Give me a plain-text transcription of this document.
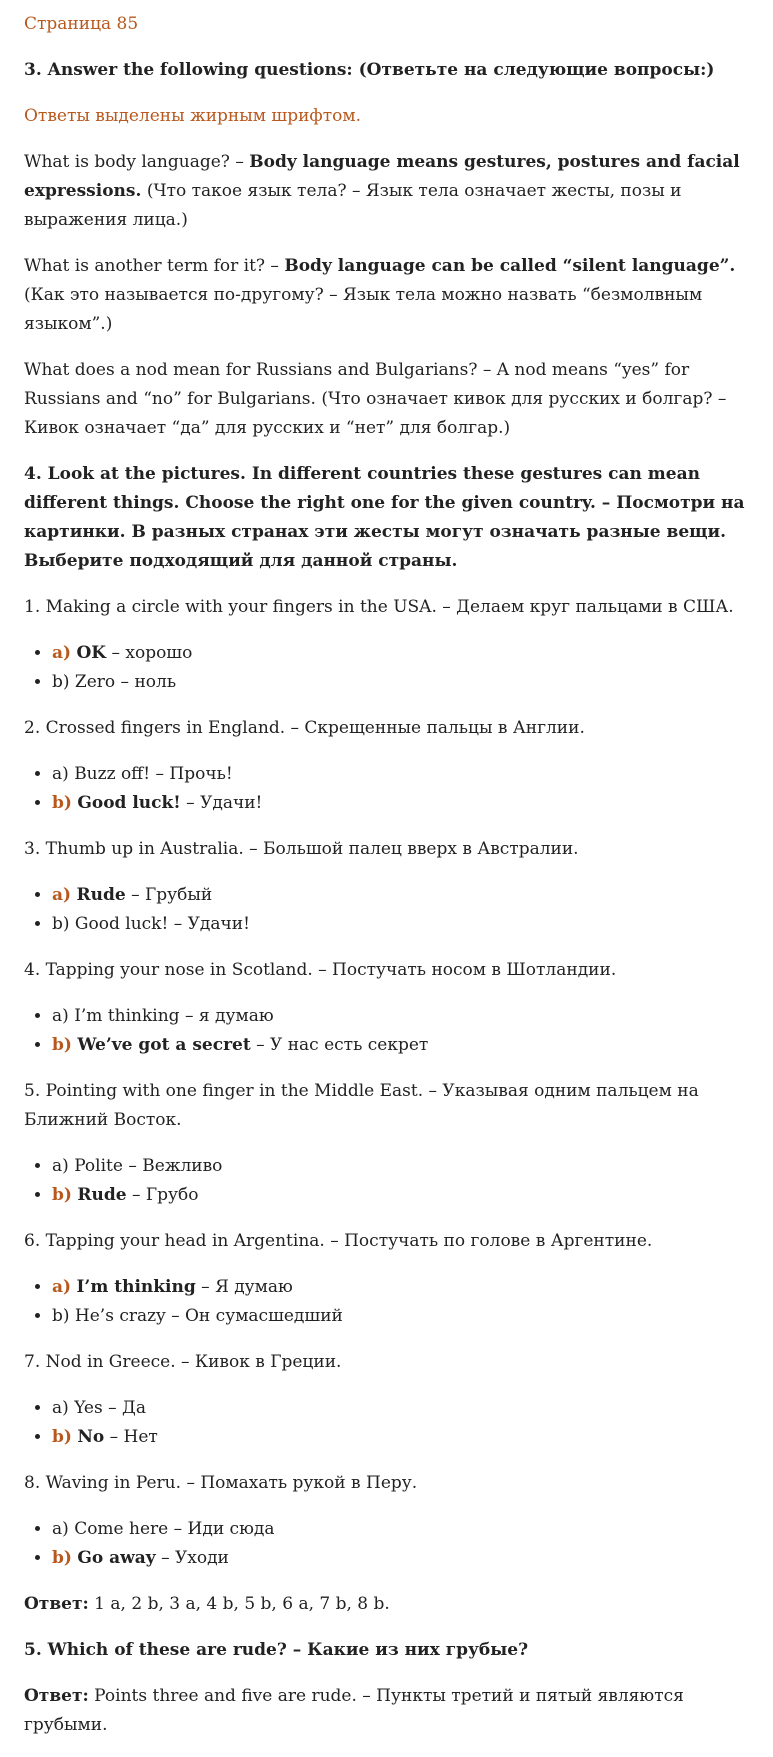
Страница 85

3. Answer the following questions: (Ответьте на следующие вопросы:)

Ответы выделены жирным шрифтом.

What is body language? – Body language means gestures, postures and facial expressions. (Что такое язык тела? – Язык тела означает жесты, позы и выражения лица.)

What is another term for it? – Body language can be called “silent language”. (Как это называется по-другому? – Язык тела можно назвать “безмолвным языком”.)

What does a nod mean for Russians and Bulgarians? – A nod means “yes” for Russians and “no” for Bulgarians. (Что означает кивок для русских и болгар? – Кивок означает “да” для русских и “нет” для болгар.)

4. Look at the pictures. In different countries these gestures can mean different things. Choose the right one for the given country. – Посмотри на картинки. В разных странах эти жесты могут означать разные вещи. Выберите подходящий для данной страны.

1. Making a circle with your fingers in the USA. – Делаем круг пальцами в США.

• a) OK – хорошо
• b) Zero – ноль

2. Crossed fingers in England. – Скрещенные пальцы в Англии.

• a) Buzz off! – Прочь!
• b) Good luck! – Удачи!

3. Thumb up in Australia. – Большой палец вверх в Австралии.

• a) Rude – Грубый
• b) Good luck! – Удачи!

4. Tapping your nose in Scotland. – Постучать носом в Шотландии.

• a) I’m thinking – я думаю
• b) We’ve got a secret – У нас есть секрет

5. Pointing with one finger in the Middle East. – Указывая одним пальцем на Ближний Восток.

• a) Polite – Вежливо
• b) Rude – Грубо

6. Tapping your head in Argentina. – Постучать по голове в Аргентине.

• a) I’m thinking – Я думаю
• b) He’s crazy – Он сумасшедший

7. Nod in Greece. – Кивок в Греции.

• a) Yes – Да
• b) No – Нет

8. Waving in Peru. – Помахать рукой в Перу.

• a) Come here – Иди сюда
• b) Go away – Уходи

Ответ: 1 a, 2 b, 3 a, 4 b, 5 b, 6 a, 7 b, 8 b.

5. Which of these are rude? – Какие из них грубые?

Ответ: Points three and five are rude. – Пункты третий и пятый являются грубыми.
